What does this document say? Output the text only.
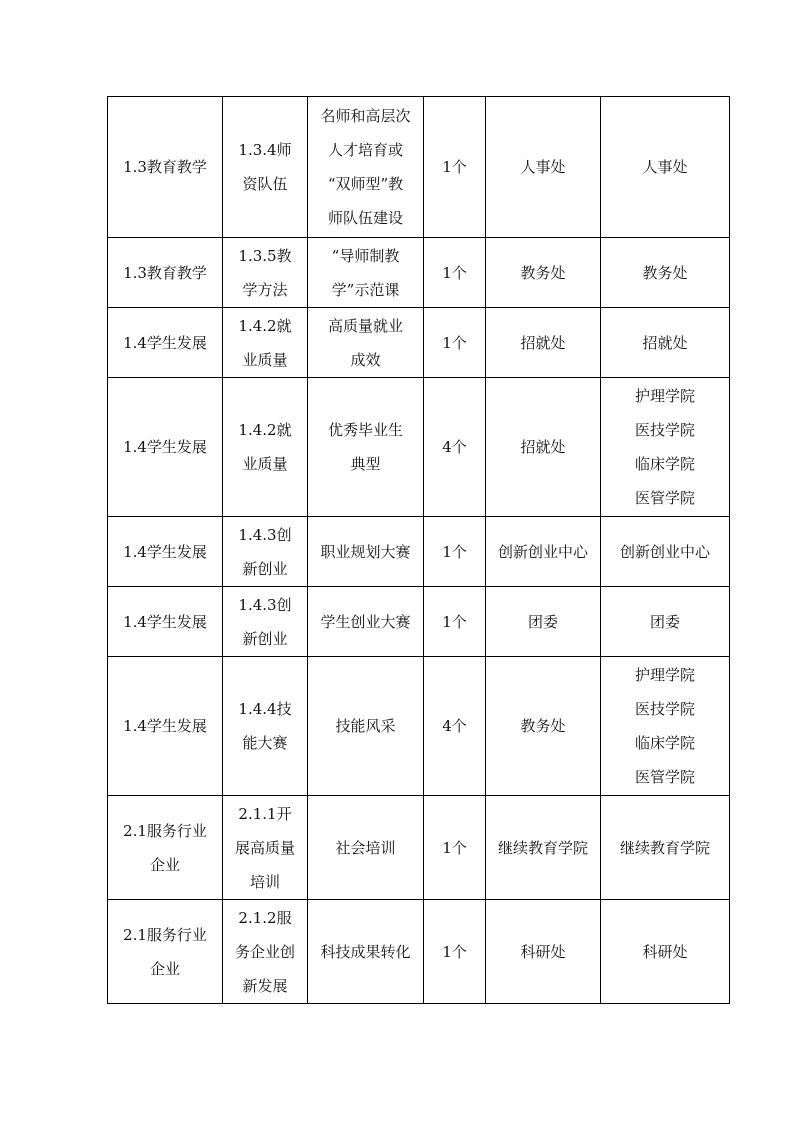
1.3教育教学	1.3.4师
资队伍	名师和高层次
人才培育或
“双师型”教
师队伍建设	1个	人事处	人事处

1.3教育教学	1.3.5教
学方法	“导师制教
学”示范课	1个	教务处	教务处

1.4学生发展	1.4.2就
业质量	高质量就业
成效	1个	招就处	招就处

1.4学生发展	1.4.2就
业质量	优秀毕业生
典型	4个	招就处	护理学院
医技学院
临床学院
医管学院

1.4学生发展	1.4.3创
新创业	职业规划大赛	1个	创新创业中心	创新创业中心

1.4学生发展	1.4.3创
新创业	学生创业大赛	1个	团委	团委

1.4学生发展	1.4.4技
能大赛	技能风采	4个	教务处	护理学院
医技学院
临床学院
医管学院

2.1服务行业
企业	2.1.1开
展高质量
培训	社会培训	1个	继续教育学院	继续教育学院

2.1服务行业
企业	2.1.2服
务企业创
新发展	科技成果转化	1个	科研处	科研处
